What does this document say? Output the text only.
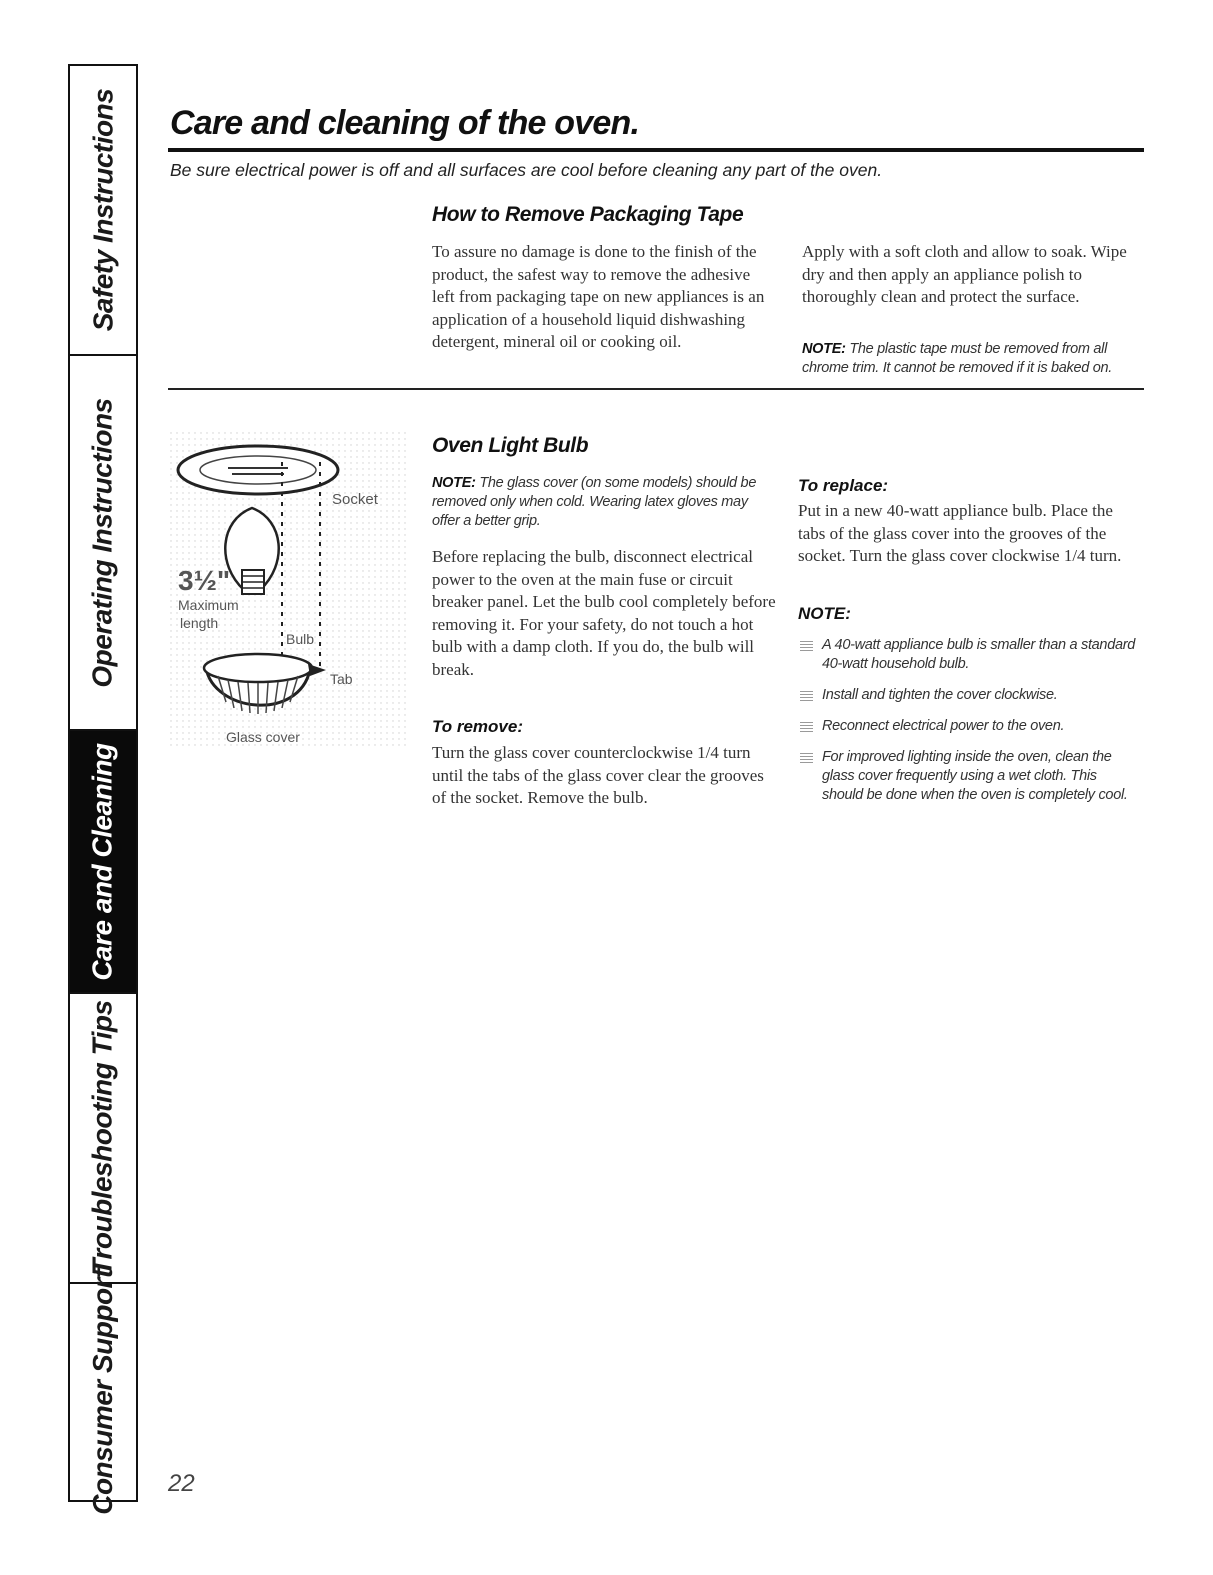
Safety Instructions
Operating Instructions
Care and Cleaning
Troubleshooting Tips
Consumer Support
Care and cleaning of the oven.

Be sure electrical power is off and all surfaces are cool before cleaning any part of the oven.

How to Remove Packaging Tape

To assure no damage is done to the finish of the product, the safest way to remove the adhesive left from packaging tape on new appliances is an application of a household liquid dishwashing detergent, mineral oil or cooking oil.

Apply with a soft cloth and allow to soak. Wipe dry and then apply an appliance polish to thoroughly clean and protect the surface.

NOTE: The plastic tape must be removed from all chrome trim. It cannot be removed if it is baked on.

Socket
3½"
Maximum
length
Bulb
Tab
Glass cover
Oven Light Bulb

NOTE: The glass cover (on some models) should be removed only when cold. Wearing latex gloves may offer a better grip.

Before replacing the bulb, disconnect electrical power to the oven at the main fuse or circuit breaker panel. Let the bulb cool completely before removing it. For your safety, do not touch a hot bulb with a damp cloth. If you do, the bulb will break.

To remove:

Turn the glass cover counterclockwise 1/4 turn until the tabs of the glass cover clear the grooves of the socket. Remove the bulb.

To replace:

Put in a new 40-watt appliance bulb. Place the tabs of the glass cover into the grooves of the socket. Turn the glass cover clockwise 1/4 turn.

NOTE:
A 40-watt appliance bulb is smaller than a standard 40-watt household bulb.
Install and tighten the cover clockwise.
Reconnect electrical power to the oven.
For improved lighting inside the oven, clean the glass cover frequently using a wet cloth. This should be done when the oven is completely cool.

22
